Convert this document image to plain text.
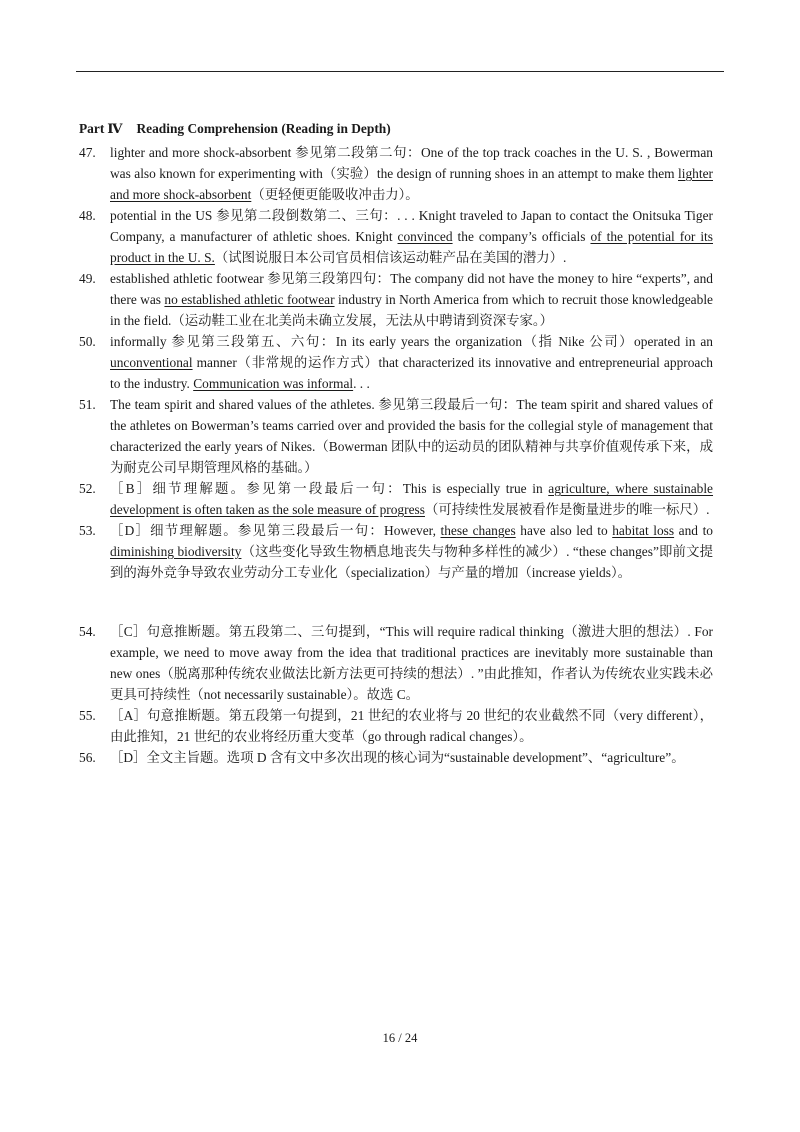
Part Ⅳ Reading Comprehension (Reading in Depth)
47.	lighter and more shock-absorbent 参见第二段第二句：One of the top track coaches in the U. S. , Bowerman was also known for experimenting with（实验）the design of running shoes in an attempt to make them lighter and more shock-absorbent（更轻便更能吸收冲击力）。
48.	potential in the US 参见第二段倒数第二、三句：. . . Knight traveled to Japan to contact the Onitsuka Tiger Company, a manufacturer of athletic shoes. Knight convinced the company’s officials of the potential for its product in the U. S.（试图说服日本公司官员相信该运动鞋产品在美国的潜力）.
49.	established athletic footwear 参见第三段第四句：The company did not have the money to hire “experts”, and there was no established athletic footwear industry in North America from which to recruit those knowledgeable in the field.（运动鞋工业在北美尚未确立发展，无法从中聘请到资深专家。）
50.	informally 参见第三段第五、六句：In its early years the organization（指 Nike 公司）operated in an unconventional manner（非常规的运作方式）that characterized its innovative and entrepreneurial approach to the industry. Communication was informal. . .
51.	The team spirit and shared values of the athletes. 参见第三段最后一句：The team spirit and shared values of the athletes on Bowerman’s teams carried over and provided the basis for the collegial style of management that characterized the early years of Nikes.（Bowerman 团队中的运动员的团队精神与共享价值观传承下来，成为耐克公司早期管理风格的基础。）
52.	［B］细节理解题。参见第一段最后一句：This is especially true in agriculture, where sustainable development is often taken as the sole measure of progress（可持续性发展被看作是衡量进步的唯一标尺）.
53.	［D］细节理解题。参见第三段最后一句：However, these changes have also led to habitat loss and to diminishing biodiversity（这些变化导致生物栖息地丧失与物种多样性的减少）. “these changes”即前文提到的海外竞争导致农业劳动分工专业化（specialization）与产量的增加（increase yields）。
54.	［C］句意推断题。第五段第二、三句提到，“This will require radical thinking（激进大胆的想法）. For example, we need to move away from the idea that traditional practices are inevitably more sustainable than new ones（脱离那种传统农业做法比新方法更可持续的想法）. ”由此推知，作者认为传统农业实践未必更具可持续性（not necessarily sustainable）。故选 C。
55.	［A］句意推断题。第五段第一句提到，21 世纪的农业将与 20 世纪的农业截然不同（very different），由此推知，21 世纪的农业将经历重大变革（go through radical changes）。
56.	［D］全文主旨题。选项 D 含有文中多次出现的核心词为“sustainable development”、“agriculture”。
16 / 24
